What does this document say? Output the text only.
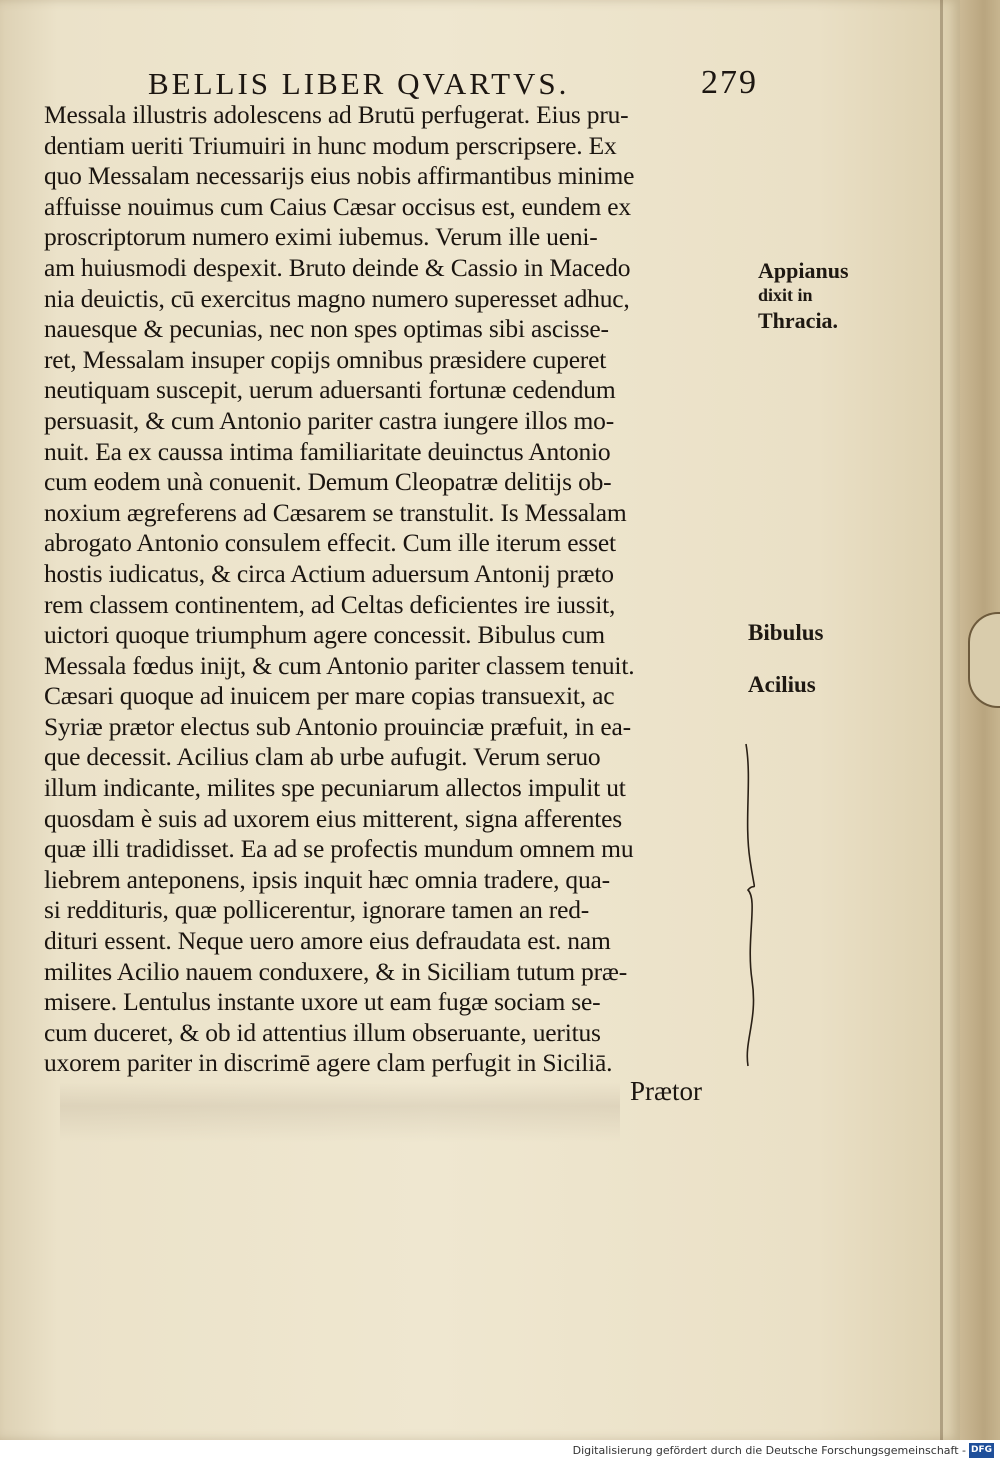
BELLIS LIBER QVARTVS.	279
Messala illustris adolescens ad Brutū perfugerat. Eius pru-
dentiam ueriti Triumuiri in hunc modum perscripsere. Ex
quo Messalam necessarijs eius nobis affirmantibus minime
affuisse nouimus cum Caius Cæsar occisus est, eundem ex
proscriptorum numero eximi iubemus. Verum ille ueni-
am huiusmodi despexit. Bruto deinde & Cassio in Macedo
nia deuictis, cū exercitus magno numero superesset adhuc,
nauesque & pecunias, nec non spes optimas sibi ascisse-
ret, Messalam insuper copijs omnibus præsidere cuperet
neutiquam suscepit, uerum aduersanti fortunæ cedendum
persuasit, & cum Antonio pariter castra iungere illos mo-
nuit. Ea ex caussa intima familiaritate deuinctus Antonio
cum eodem unà conuenit. Demum Cleopatræ delitijs ob-
noxium ægreferens ad Cæsarem se transtulit. Is Messalam
abrogato Antonio consulem effecit. Cum ille iterum esset
hostis iudicatus, & circa Actium aduersum Antonij præto
rem classem continentem, ad Celtas deficientes ire iussit,
uictori quoque triumphum agere concessit. Bibulus cum
Messala fœdus inijt, & cum Antonio pariter classem tenuit.
Cæsari quoque ad inuicem per mare copias transuexit, ac
Syriæ prætor electus sub Antonio prouinciæ præfuit, in ea-
que decessit. Acilius clam ab urbe aufugit. Verum seruo
illum indicante, milites spe pecuniarum allectos impulit ut
quosdam è suis ad uxorem eius mitterent, signa afferentes
quæ illi tradidisset. Ea ad se profectis mundum omnem mu
liebrem anteponens, ipsis inquit hæc omnia tradere, qua-
si reddituris, quæ pollicerentur, ignorare tamen an red-
dituri essent. Neque uero amore eius defraudata est. nam
milites Acilio nauem conduxere, & in Siciliam tutum præ-
misere. Lentulus instante uxore ut eam fugæ sociam se-
cum duceret, & ob id attentius illum obseruante, ueritus
uxorem pariter in discrimē agere clam perfugit in Siciliā.
Prætor
Appianus
dixit in
Thracia.
Bibulus
Acilius
Digitalisierung gefördert durch die Deutsche Forschungsgemeinschaft - DFG
